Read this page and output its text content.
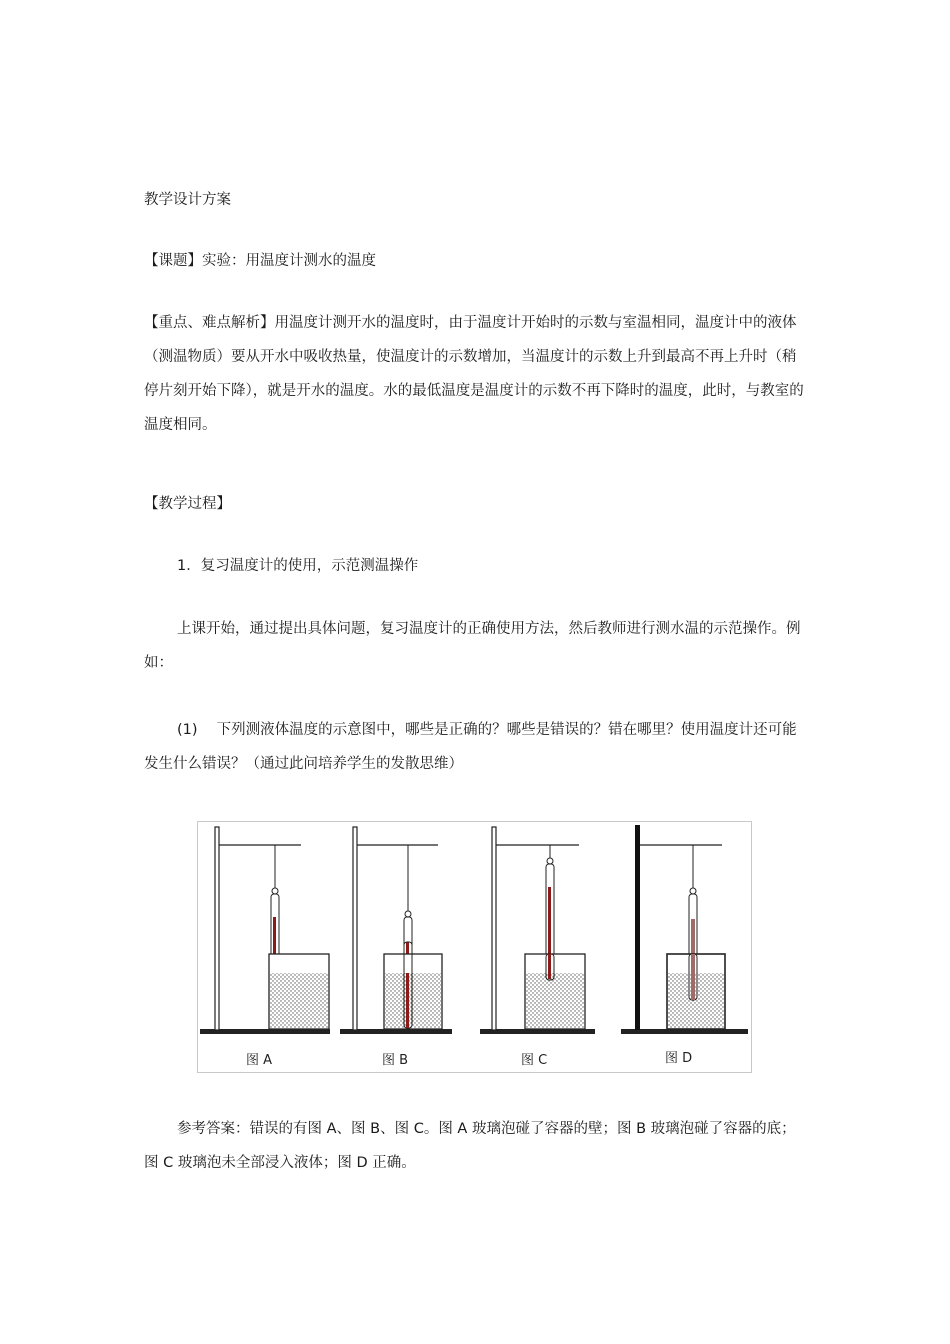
教学设计方案

【课题】实验：用温度计测水的温度

【重点、难点解析】用温度计测开水的温度时，由于温度计开始时的示数与室温相同，温度计中的液体（测温物质）要从开水中吸收热量，使温度计的示数增加，当温度计的示数上升到最高不再上升时（稍停片刻开始下降），就是开水的温度。水的最低温度是温度计的示数不再下降时的温度，此时，与教室的温度相同。

【教学过程】

1．复习温度计的使用，示范测温操作

上课开始，通过提出具体问题，复习温度计的正确使用方法，然后教师进行测水温的示范操作。例如：

(1)　 下列测液体温度的示意图中，哪些是正确的？哪些是错误的？错在哪里？使用温度计还可能发生什么错误？（通过此问培养学生的发散思维）

图 A	图 B	图 C	图 D

参考答案：错误的有图 A、图 B、图 C。图 A 玻璃泡碰了容器的壁；图 B 玻璃泡碰了容器的底；图 C 玻璃泡未全部浸入液体；图 D 正确。
